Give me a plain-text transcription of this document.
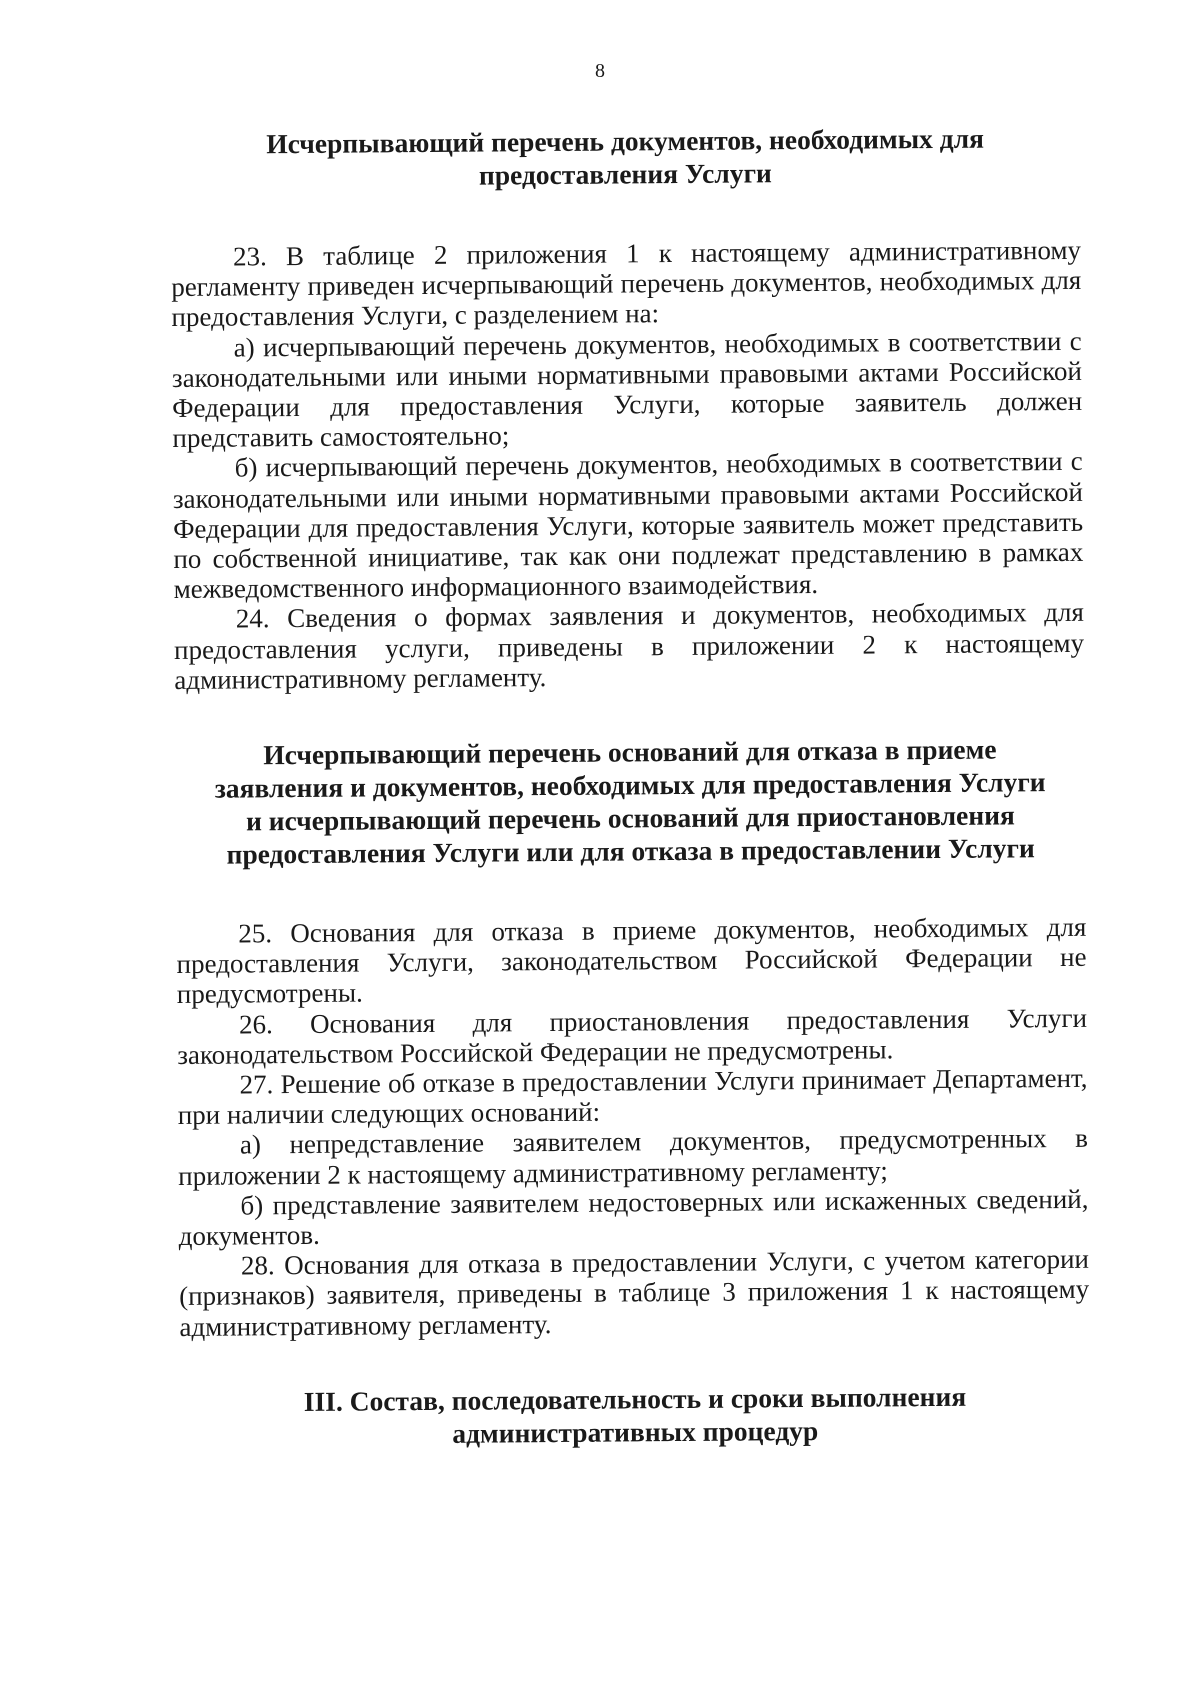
8
Исчерпывающий перечень документов, необходимых для
предоставления Услуги

23. В таблице 2 приложения 1 к настоящему административному регламенту приведен исчерпывающий перечень документов, необходимых для предоставления Услуги, с разделением на:

а) исчерпывающий перечень документов, необходимых в соответствии с законодательными или иными нормативными правовыми актами Российской Федерации для предоставления Услуги, которые заявитель должен представить самостоятельно;

б) исчерпывающий перечень документов, необходимых в соответствии с законодательными или иными нормативными правовыми актами Российской Федерации для предоставления Услуги, которые заявитель может представить по собственной инициативе, так как они подлежат представлению в рамках межведомственного информационного взаимодействия.

24. Сведения о формах заявления и документов, необходимых для предоставления услуги, приведены в приложении 2 к настоящему административному регламенту.

Исчерпывающий перечень оснований для отказа в приеме
заявления и документов, необходимых для предоставления Услуги
и исчерпывающий перечень оснований для приостановления
предоставления Услуги или для отказа в предоставлении Услуги

25. Основания для отказа в приеме документов, необходимых для предоставления Услуги, законодательством Российской Федерации не предусмотрены.

26. Основания для приостановления предоставления Услуги законодательством Российской Федерации не предусмотрены.

27. Решение об отказе в предоставлении Услуги принимает Департамент, при наличии следующих оснований:

а) непредставление заявителем документов, предусмотренных в приложении 2 к настоящему административному регламенту;

б) представление заявителем недостоверных или искаженных сведений, документов.

28. Основания для отказа в предоставлении Услуги, с учетом категории (признаков) заявителя, приведены в таблице 3 приложения 1 к настоящему административному регламенту.

III. Состав, последовательность и сроки выполнения
административных процедур
